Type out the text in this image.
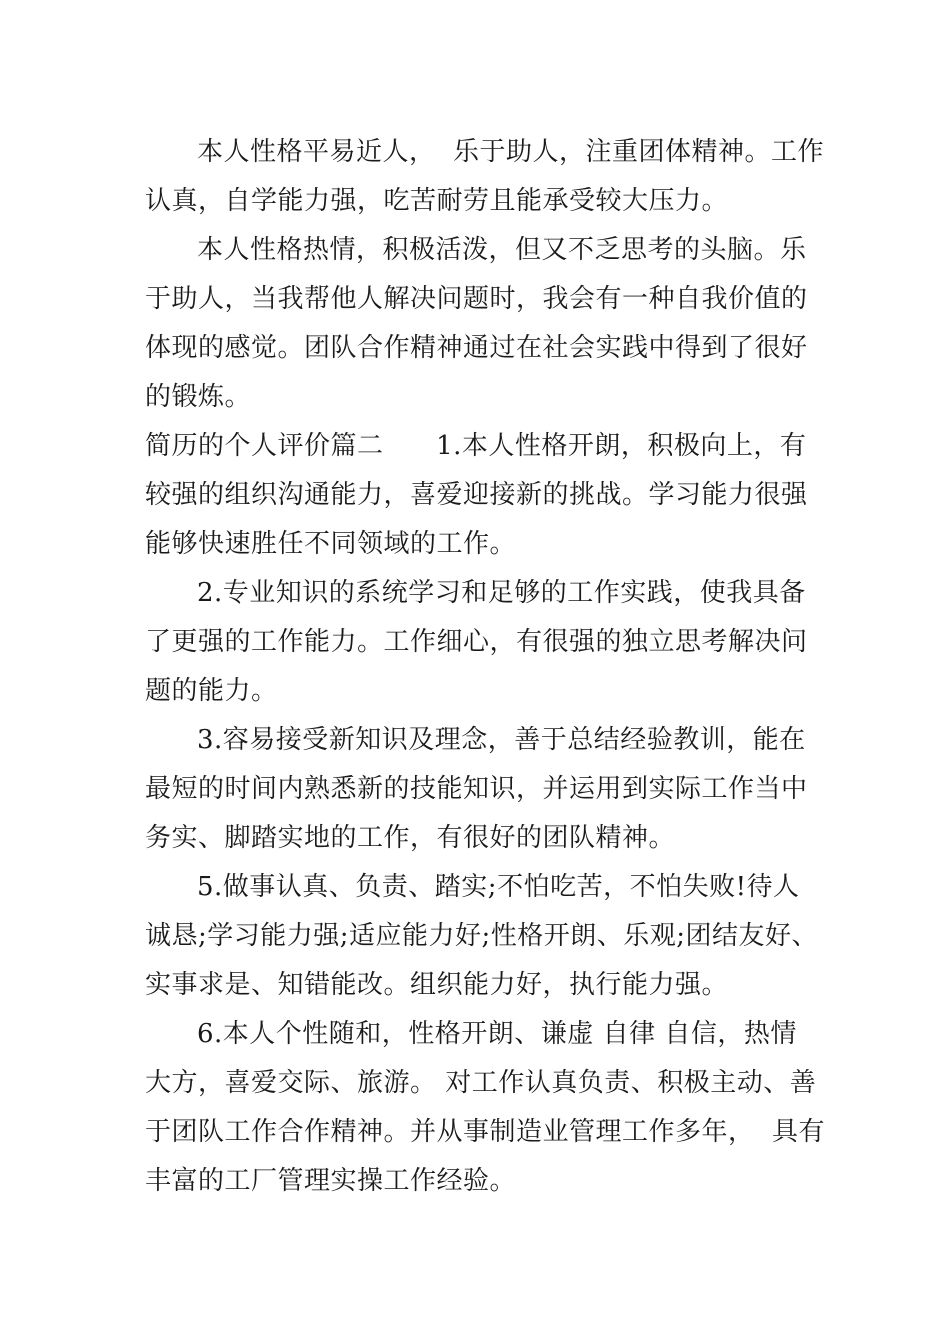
本人性格平易近人，  乐于助人，注重团体精神。工作
认真，自学能力强，吃苦耐劳且能承受较大压力。
本人性格热情，积极活泼，但又不乏思考的头脑。乐
于助人，当我帮他人解决问题时，我会有一种自我价值的
体现的感觉。团队合作精神通过在社会实践中得到了很好
的锻炼。
简历的个人评价篇二      1.本人性格开朗，积极向上，有
较强的组织沟通能力，喜爱迎接新的挑战。学习能力很强
能够快速胜任不同领域的工作。
2.专业知识的系统学习和足够的工作实践，使我具备
了更强的工作能力。工作细心，有很强的独立思考解决问
题的能力。
3.容易接受新知识及理念，善于总结经验教训，能在
最短的时间内熟悉新的技能知识，并运用到实际工作当中
务实、脚踏实地的工作，有很好的团队精神。
5.做事认真、负责、踏实;不怕吃苦，不怕失败!待人
诚恳;学习能力强;适应能力好;性格开朗、乐观;团结友好、
实事求是、知错能改。组织能力好，执行能力强。
6.本人个性随和，性格开朗、谦虚 自律 自信，热情
大方，喜爱交际、旅游。 对工作认真负责、积极主动、善
于团队工作合作精神。并从事制造业管理工作多年，  具有
丰富的工厂管理实操工作经验。
